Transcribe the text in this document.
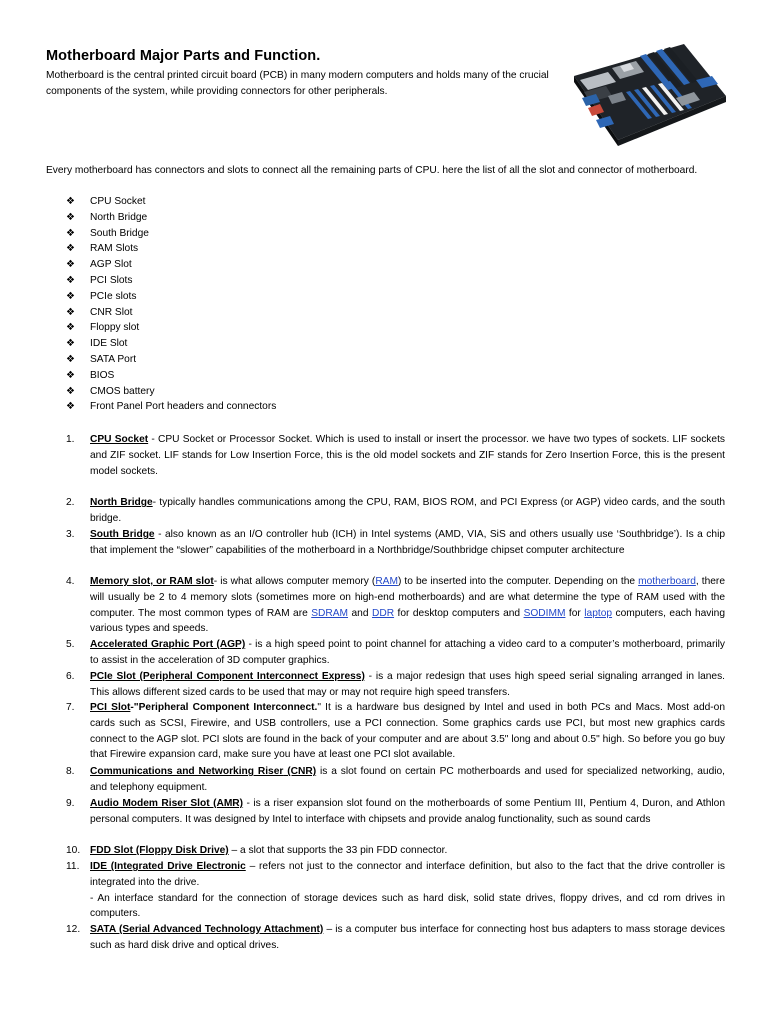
Motherboard Major Parts and Function.
Motherboard is the central printed circuit board (PCB) in many modern computers and holds many of the crucial components of the system, while providing connectors for other peripherals.
Every motherboard has connectors and slots to connect all the remaining parts of CPU. here the list of all the slot and connector of motherboard.
❖ CPU Socket
❖ North Bridge
❖ South Bridge
❖ RAM Slots
❖ AGP Slot
❖ PCI Slots
❖ PCIe slots
❖ CNR Slot
❖ Floppy slot
❖ IDE Slot
❖ SATA Port
❖ BIOS
❖ CMOS battery
❖ Front Panel Port headers and connectors
1. CPU Socket - CPU Socket or Processor Socket. Which is used to install or insert the processor. we have two types of sockets. LIF sockets and ZIF socket. LIF stands for Low Insertion Force, this is the old model sockets and ZIF stands for Zero Insertion Force, this is the present model sockets.
2. North Bridge- typically handles communications among the CPU, RAM, BIOS ROM, and PCI Express (or AGP) video cards, and the south bridge.
3. South Bridge - also known as an I/O controller hub (ICH) in Intel systems (AMD, VIA, SiS and others usually use ‘Southbridge’). Is a chip that implement the “slower” capabilities of the motherboard in a Northbridge/Southbridge chipset computer architecture
4. Memory slot, or RAM slot- is what allows computer memory (RAM) to be inserted into the computer. Depending on the motherboard, there will usually be 2 to 4 memory slots (sometimes more on high-end motherboards) and are what determine the type of RAM used with the computer. The most common types of RAM are SDRAM and DDR for desktop computers and SODIMM for laptop computers, each having various types and speeds.
5. Accelerated Graphic Port (AGP) - is a high speed point to point channel for attaching a video card to a computer’s motherboard, primarily to assist in the acceleration of 3D computer graphics.
6. PCIe Slot (Peripheral Component Interconnect Express) - is a major redesign that uses high speed serial signaling arranged in lanes. This allows different sized cards to be used that may or may not require high speed transfers.
7. PCI Slot-"Peripheral Component Interconnect." It is a hardware bus designed by Intel and used in both PCs and Macs. Most add-on cards such as SCSI, Firewire, and USB controllers, use a PCI connection. Some graphics cards use PCI, but most new graphics cards connect to the AGP slot. PCI slots are found in the back of your computer and are about 3.5" long and about 0.5" high. So before you go buy that Firewire expansion card, make sure you have at least one PCI slot available.
8. Communications and Networking Riser (CNR) is a slot found on certain PC motherboards and used for specialized networking, audio, and telephony equipment.
9. Audio Modem Riser Slot (AMR) - is a riser expansion slot found on the motherboards of some Pentium III, Pentium 4, Duron, and Athlon personal computers. It was designed by Intel to interface with chipsets and provide analog functionality, such as sound cards
10. FDD Slot (Floppy Disk Drive) – a slot that supports the 33 pin FDD connector.
11. IDE (Integrated Drive Electronic – refers not just to the connector and interface definition, but also to the fact that the drive controller is integrated into the drive.
- An interface standard for the connection of storage devices such as hard disk, solid state drives, floppy drives, and cd rom drives in computers.
12. SATA (Serial Advanced Technology Attachment) – is a computer bus interface for connecting host bus adapters to mass storage devices such as hard disk drive and optical drives.
